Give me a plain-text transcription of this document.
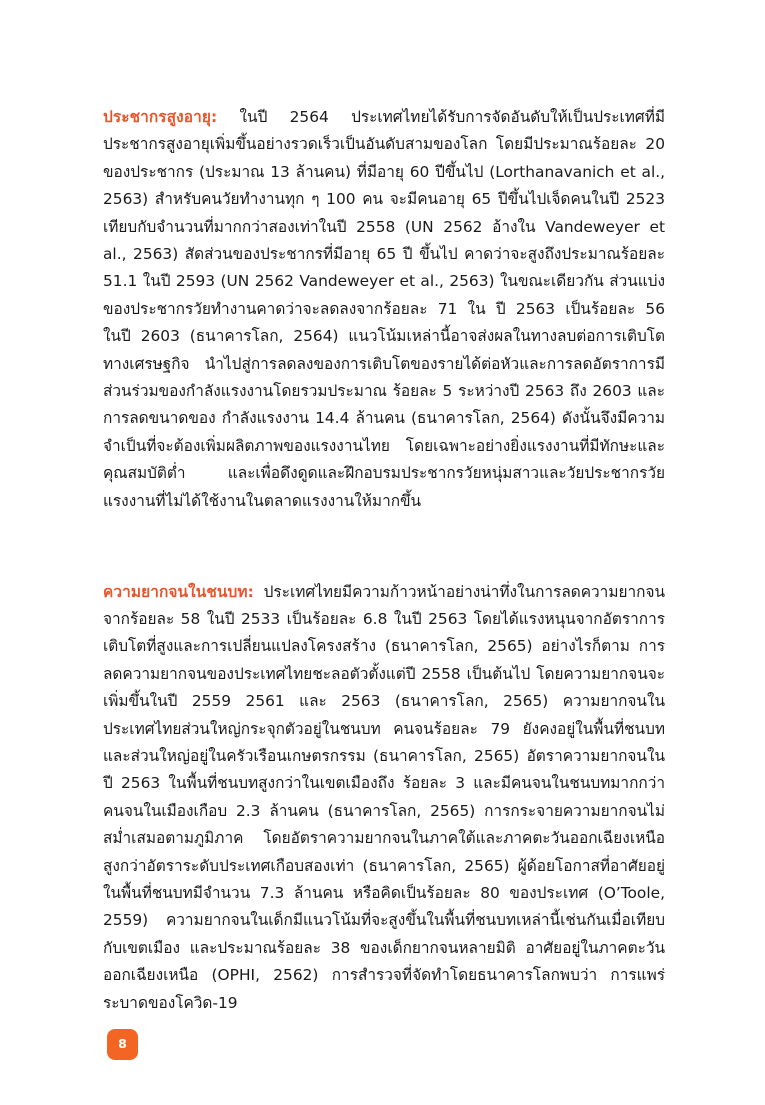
ประชากรสูงอายุ: ในปี 2564 ประเทศไทยได้รับการจัดอันดับให้เป็นประเทศที่มีประชากรสูงอายุเพิ่มขึ้นอย่างรวดเร็วเป็นอันดับสามของโลก โดยมีประมาณร้อยละ 20 ของประชากร (ประมาณ 13 ล้านคน) ที่มีอายุ 60 ปีขึ้นไป (Lorthanavanich et al., 2563) สำหรับคนวัยทำงานทุก ๆ 100 คน จะมีคนอายุ 65 ปีขึ้นไปเจ็ดคนในปี 2523 เทียบกับจำนวนที่มากกว่าสองเท่าในปี 2558 (UN 2562 อ้างใน Vandeweyer et al., 2563) สัดส่วนของประชากรที่มีอายุ 65 ปี ขึ้นไป คาดว่าจะสูงถึงประมาณร้อยละ 51.1 ในปี 2593 (UN 2562 Vandeweyer et al., 2563) ในขณะเดียวกัน ส่วนแบ่งของประชากรวัยทำงานคาดว่าจะลดลงจากร้อยละ 71 ใน ปี 2563 เป็นร้อยละ 56 ในปี 2603 (ธนาคารโลก, 2564) แนวโน้มเหล่านี้อาจส่งผลในทางลบต่อการเติบโตทางเศรษฐกิจ นำไปสู่การลดลงของการเติบโตของรายได้ต่อหัวและการลดอัตราการมีส่วนร่วมของกำลังแรงงานโดยรวมประมาณ ร้อยละ 5 ระหว่างปี 2563 ถึง 2603 และการลดขนาดของ กำลังแรงงาน 14.4 ล้านคน (ธนาคารโลก, 2564) ดังนั้นจึงมีความจำเป็นที่จะต้องเพิ่มผลิตภาพของแรงงานไทย โดยเฉพาะอย่างยิ่งแรงงานที่มีทักษะและคุณสมบัติต่ำ และเพื่อดึงดูดและฝึกอบรมประชากรวัยหนุ่มสาวและวัยประชากรวัยแรงงานที่ไม่ได้ใช้งานในตลาดแรงงานให้มากขึ้น

ความยากจนในชนบท: ประเทศไทยมีความก้าวหน้าอย่างน่าทึ่งในการลดความยากจนจากร้อยละ 58 ในปี 2533 เป็นร้อยละ 6.8 ในปี 2563 โดยได้แรงหนุนจากอัตราการเติบโตที่สูงและการเปลี่ยนแปลงโครงสร้าง (ธนาคารโลก, 2565) อย่างไรก็ตาม การลดความยากจนของประเทศไทยชะลอตัวตั้งแต่ปี 2558 เป็นต้นไป โดยความยากจนจะเพิ่มขึ้นในปี 2559 2561 และ 2563 (ธนาคารโลก, 2565) ความยากจนในประเทศไทยส่วนใหญ่กระจุกตัวอยู่ในชนบท คนจนร้อยละ 79 ยังคงอยู่ในพื้นที่ชนบทและส่วนใหญ่อยู่ในครัวเรือนเกษตรกรรม (ธนาคารโลก, 2565) อัตราความยากจนในปี 2563 ในพื้นที่ชนบทสูงกว่าในเขตเมืองถึง ร้อยละ 3 และมีคนจนในชนบทมากกว่าคนจนในเมืองเกือบ 2.3 ล้านคน (ธนาคารโลก, 2565) การกระจายความยากจนไม่สม่ำเสมอตามภูมิภาค โดยอัตราความยากจนในภาคใต้และภาคตะวันออกเฉียงเหนือสูงกว่าอัตราระดับประเทศเกือบสองเท่า (ธนาคารโลก, 2565) ผู้ด้อยโอกาสที่อาศัยอยู่ในพื้นที่ชนบทมีจำนวน 7.3 ล้านคน หรือคิดเป็นร้อยละ 80 ของประเทศ (O’Toole, 2559) ความยากจนในเด็กมีแนวโน้มที่จะสูงขึ้นในพื้นที่ชนบทเหล่านี้เช่นกันเมื่อเทียบกับเขตเมือง และประมาณร้อยละ 38 ของเด็กยากจนหลายมิติ อาศัยอยู่ในภาคตะวันออกเฉียงเหนือ (OPHI, 2562) การสำรวจที่จัดทำโดยธนาคารโลกพบว่า การแพร่ระบาดของโควิด-19

8
